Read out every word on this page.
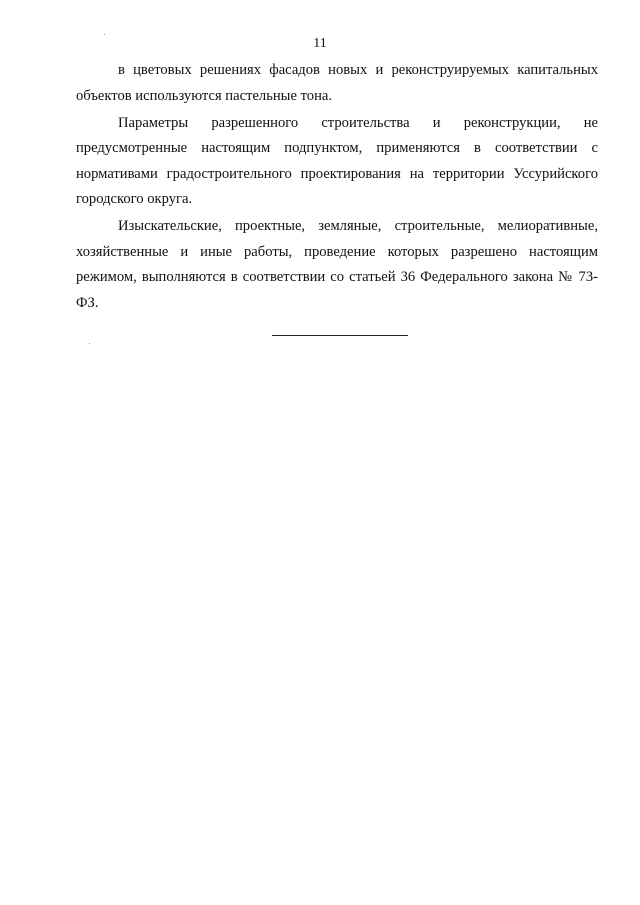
11

в цветовых решениях фасадов новых и реконструируемых капитальных объектов используются пастельные тона.

Параметры разрешенного строительства и реконструкции, не предусмотренные настоящим подпунктом, применяются в соответствии с нормативами градостроительного проектирования на территории Уссурийского городского округа.

Изыскательские, проектные, земляные, строительные, мелиоративные, хозяйственные и иные работы, проведение которых разрешено настоящим режимом, выполняются в соответствии со статьей 36 Федерального закона № 73-ФЗ.
